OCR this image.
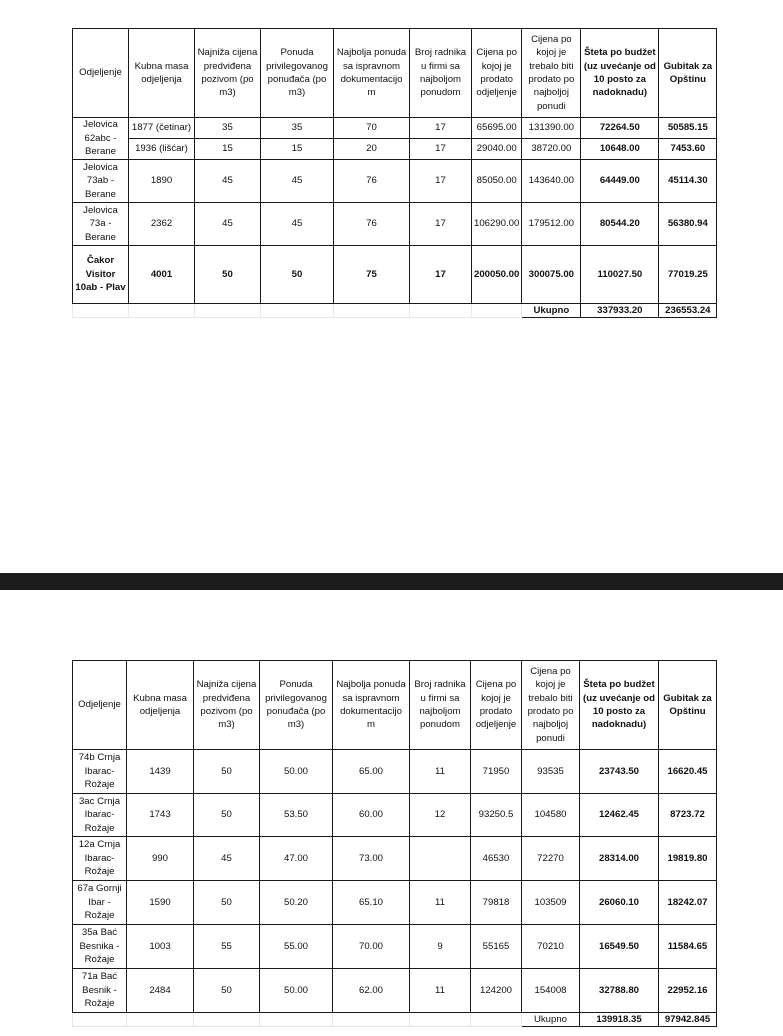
Odjeljenje	Kubna masa odjeljenja	Najniža cijena predviđena pozivom (po m3)	Ponuda privilegovanog ponuđača (po m3)	Najbolja ponuda sa ispravnom dokumentacijo m	Broj radnika u firmi sa najboljom ponudom	Cijena po kojoj je prodato odjeljenje	Cijena po kojoj je trebalo biti prodato po najboljoj ponudi	Šteta po budžet (uz uvećanje od 10 posto za nadoknadu)	Gubitak za Opštinu
Jelovica 62abc - Berane	1877 (četinar)	35	35	70	17	65695.00	131390.00	72264.50	50585.15
	1936 (lišćar)	15	15	20	17	29040.00	38720.00	10648.00	7453.60
Jelovica 73ab - Berane	1890	45	45	76	17	85050.00	143640.00	64449.00	45114.30
Jelovica 73a - Berane	2362	45	45	76	17	106290.00	179512.00	80544.20	56380.94
Čakor Visitor 10ab - Plav	4001	50	50	75	17	200050.00	300075.00	110027.50	77019.25
							Ukupno	337933.20	236553.24
Odjeljenje	Kubna masa odjeljenja	Najniža cijena predviđena pozivom (po m3)	Ponuda privilegovanog ponuđača (po m3)	Najbolja ponuda sa ispravnom dokumentacijo m	Broj radnika u firmi sa najboljom ponudom	Cijena po kojoj je prodato odjeljenje	Cijena po kojoj je trebalo biti prodato po najboljoj ponudi	Šteta po budžet (uz uvećanje od 10 posto za nadoknadu)	Gubitak za Opštinu
74b Crnja Ibarac-Rožaje	1439	50	50.00	65.00	11	71950	93535	23743.50	16620.45
3ac Crnja Ibarac-Rožaje	1743	50	53.50	60.00	12	93250.5	104580	12462.45	8723.72
12a Crnja Ibarac-Rožaje	990	45	47.00	73.00		46530	72270	28314.00	19819.80
67a Gornji Ibar - Rožaje	1590	50	50.20	65.10	11	79818	103509	26060.10	18242.07
35a Bać Besnika - Rožaje	1003	55	55.00	70.00	9	55165	70210	16549.50	11584.65
71a Bać Besnik - Rožaje	2484	50	50.00	62.00	11	124200	154008	32788.80	22952.16
							Ukupno	139918.35	97942.845
